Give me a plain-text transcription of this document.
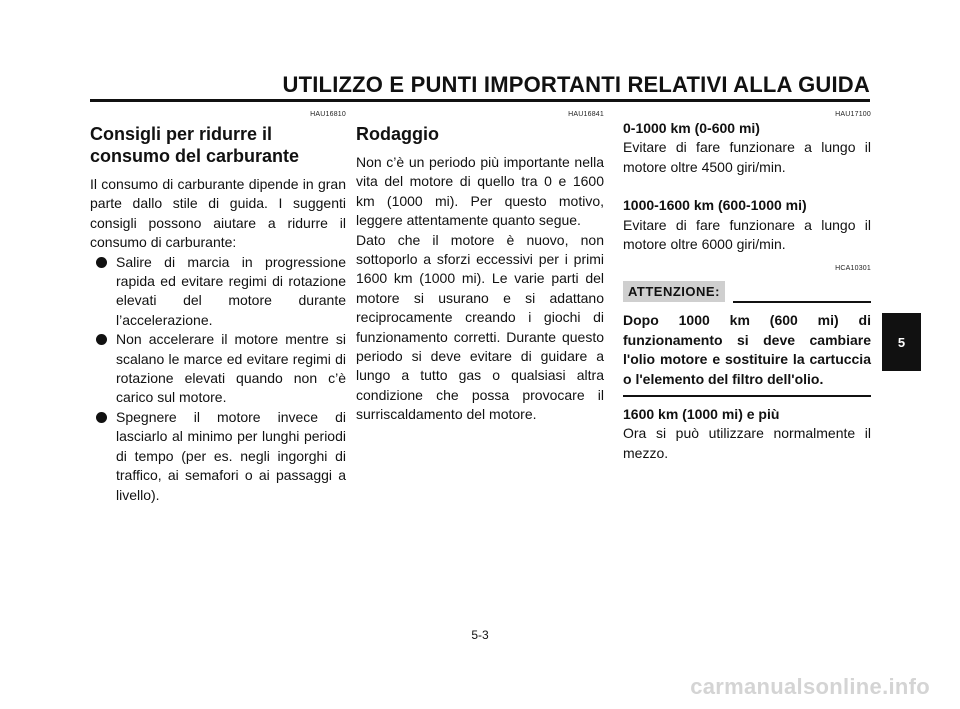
UTILIZZO E PUNTI IMPORTANTI RELATIVI ALLA GUIDA
HAU16810
Consigli per ridurre il
consumo del carburante

Il consumo di carburante dipende in gran parte dallo stile di guida. I suggenti consigli possono aiutare a ridurre il consumo di carburante:

Salire di marcia in progressione rapida ed evitare regimi di rotazione elevati del motore durante l’accelerazione.
Non accelerare il motore mentre si scalano le marce ed evitare regimi di rotazione elevati quando non c’è carico sul motore.
Spegnere il motore invece di lasciarlo al minimo per lunghi periodi di tempo (per es. negli ingorghi di traffico, ai semafori o ai passaggi a livello).
HAU16841
Rodaggio

Non c’è un periodo più importante nella vita del motore di quello tra 0 e 1600 km (1000 mi). Per questo motivo, leggere attentamente quanto segue.

Dato che il motore è nuovo, non sottoporlo a sforzi eccessivi per i primi 1600 km (1000 mi). Le varie parti del motore si usurano e si adattano reciprocamente creando i giochi di funzionamento corretti. Durante questo periodo si deve evitare di guidare a lungo a tutto gas o qualsiasi altra condizione che possa provocare il surriscaldamento del motore.

HAU17100

0-1000 km (0-600 mi)

Evitare di fare funzionare a lungo il motore oltre 4500 giri/min.

1000-1600 km (600-1000 mi)

Evitare di fare funzionare a lungo il motore oltre 6000 giri/min.

HCA10301
ATTENZIONE:

Dopo 1000 km (600 mi) di funzionamento si deve cambiare l'olio motore e sostituire la cartuccia o l'elemento del filtro dell'olio.

1600 km (1000 mi) e più

Ora si può utilizzare normalmente il mezzo.

5
5-3
carmanualsonline.info
